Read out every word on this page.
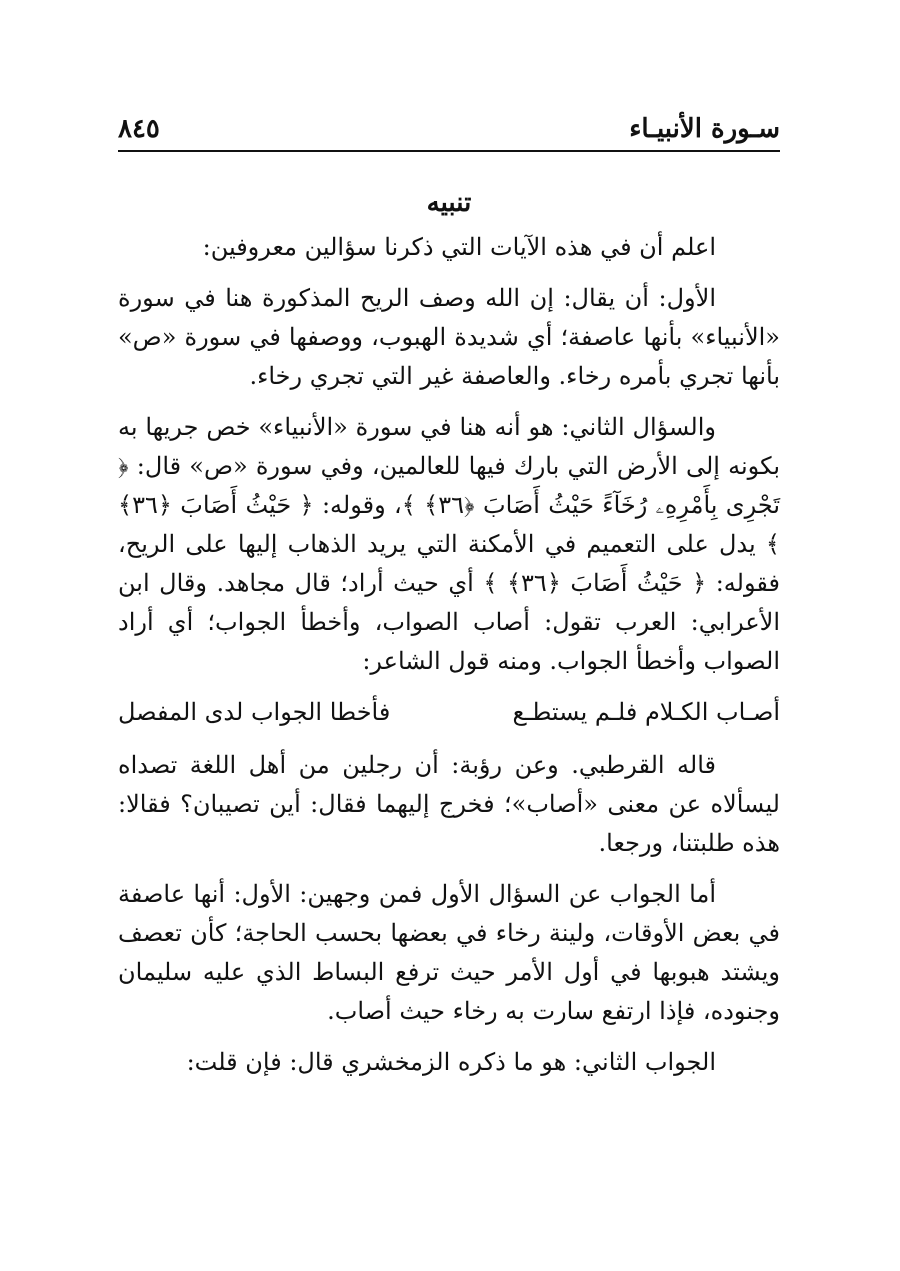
سـورة الأنبيـاء
٨٤٥
تنبيه

اعلم أن في هذه الآيات التي ذكرنا سؤالين معروفين:

الأول: أن يقال: إن الله وصف الريح المذكورة هنا في سورة «الأنبياء» بأنها عاصفة؛ أي شديدة الهبوب، ووصفها في سورة «ص» بأنها تجري بأمره رخاء. والعاصفة غير التي تجري رخاء.

والسؤال الثاني: هو أنه هنا في سورة «الأنبياء» خص جريها به بكونه إلى الأرض التي بارك فيها للعالمين، وفي سورة «ص» قال: ﴿ تَجْرِى بِأَمْرِهِۦ رُخَآءً حَيْثُ أَصَابَ ﴿٣٦﴾ ﴾، وقوله: ﴿ حَيْثُ أَصَابَ ﴿٣٦﴾ ﴾ يدل على التعميم في الأمكنة التي يريد الذهاب إليها على الريح، فقوله: ﴿ حَيْثُ أَصَابَ ﴿٣٦﴾ ﴾ أي حيث أراد؛ قال مجاهد. وقال ابن الأعرابي: العرب تقول: أصاب الصواب، وأخطأ الجواب؛ أي أراد الصواب وأخطأ الجواب. ومنه قول الشاعر:

أصـاب الكـلام فلـم يستطـع
فأخطا الجواب لدى المفصل

قاله القرطبي. وعن رؤبة: أن رجلين من أهل اللغة تصداه ليسألاه عن معنى «أصاب»؛ فخرج إليهما فقال: أين تصيبان؟ فقالا: هذه طلبتنا، ورجعا.

أما الجواب عن السؤال الأول فمن وجهين: الأول: أنها عاصفة في بعض الأوقات، ولينة رخاء في بعضها بحسب الحاجة؛ كأن تعصف ويشتد هبوبها في أول الأمر حيث ترفع البساط الذي عليه سليمان وجنوده، فإذا ارتفع سارت به رخاء حيث أصاب.

الجواب الثاني: هو ما ذكره الزمخشري قال: فإن قلت:
